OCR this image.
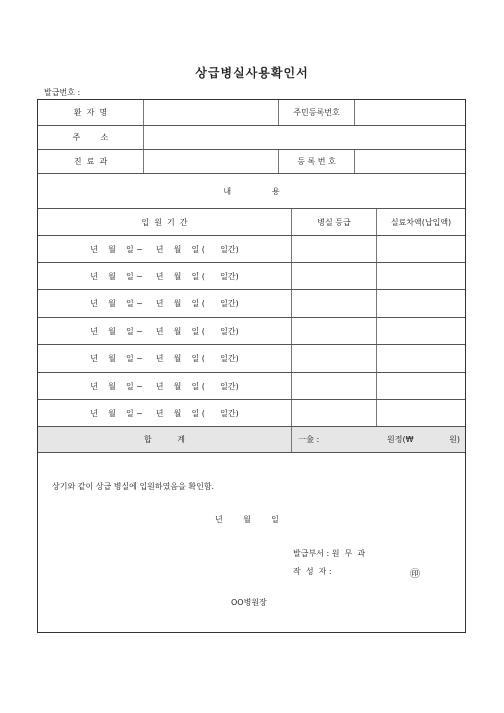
상급병실사용확인서
발급번호 :
환  자  명	주민등록번호
주        소
진  료  과	등 록 번 호
내                용
입  원  기  간	병실 등급	실료차액(납입액)
년    월    일 ~     년    월    일 (      일간)
년    월    일 ~     년    월    일 (      일간)
년    월    일 ~     년    월    일 (      일간)
년    월    일 ~     년    월    일 (      일간)
년    월    일 ~     년    월    일 (      일간)
년    월    일 ~     년    월    일 (      일간)
년    월    일 ~     년    월    일 (      일간)
합          계	一金 :	원정(₩              원)
상기와 같이 상급 병실에 입원하였음을 확인함.
년        월        일
발급부서 : 원  무  과
작  성  자 :	㊞
OO병원장
